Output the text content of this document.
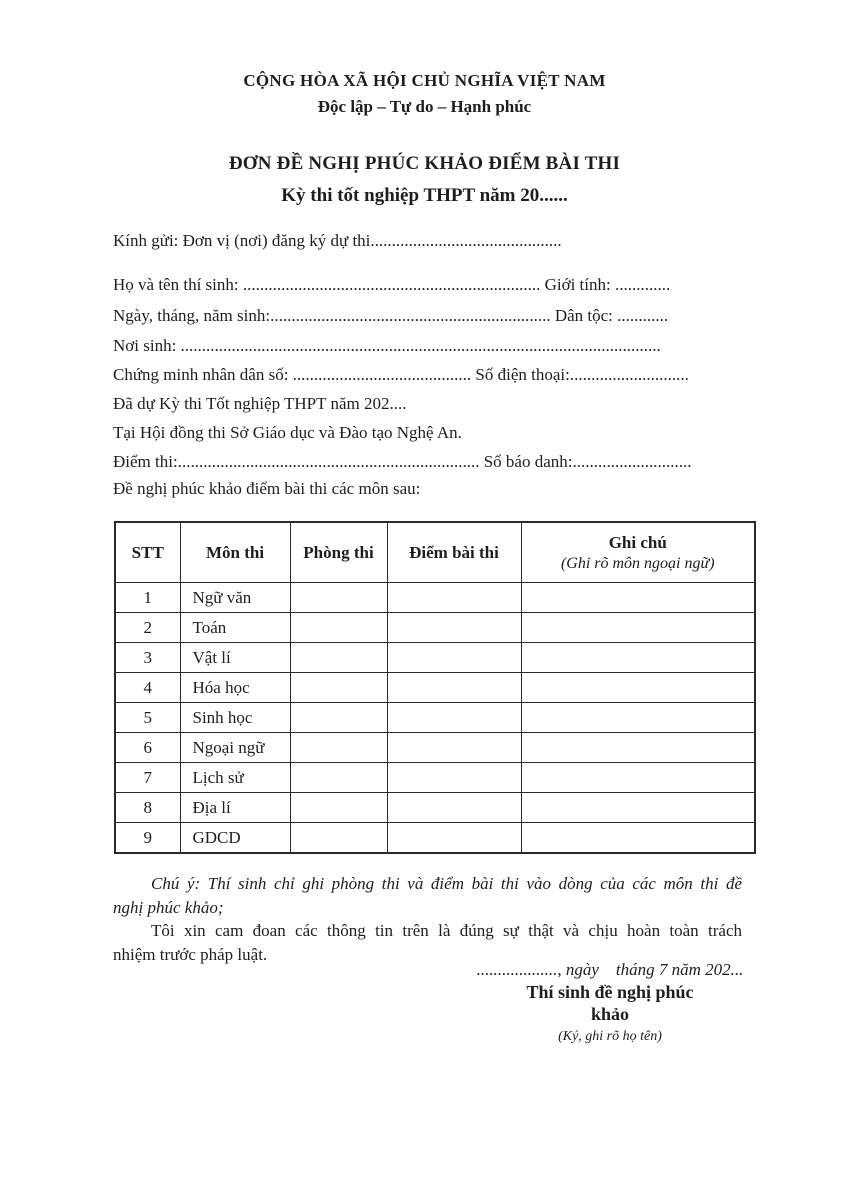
CỘNG HÒA XÃ HỘI CHỦ NGHĨA VIỆT NAM
Độc lập – Tự do – Hạnh phúc
ĐƠN ĐỀ NGHỊ PHÚC KHẢO ĐIỂM BÀI THI
Kỳ thi tốt nghiệp THPT năm 20......
Kính gửi: Đơn vị (nơi) đăng ký dự thi.............................................
Họ và tên thí sinh: ...................................................................... Giới tính: .............
Ngày, tháng, năm sinh:.................................................................. Dân tộc: ............
Nơi sinh: .................................................................................................................
Chứng minh nhân dân số: .......................................... Số điện thoại:............................
Đã dự Kỳ thi Tốt nghiệp THPT năm 202....
Tại Hội đồng thi Sở Giáo dục và Đào tạo Nghệ An.
Điểm thi:....................................................................... Số báo danh:............................
Đề nghị phúc khảo điểm bài thi các môn sau:
STT	Môn thi	Phòng thi	Điểm bài thi	Ghi chú
(Ghi rõ môn ngoại ngữ)

1	Ngữ văn			
2	Toán			
3	Vật lí			
4	Hóa học			
5	Sinh học			
6	Ngoại ngữ			
7	Lịch sử			
8	Địa lí			
9	GDCD			
Chú ý: Thí sinh chỉ ghi phòng thi và điểm bài thi vào dòng của các môn thi đề
nghị phúc khảo;
Tôi xin cam đoan các thông tin trên là đúng sự thật và chịu hoàn toàn trách
nhiệm trước pháp luật.
..................., ngày    tháng 7 năm 202...
Thí sinh đề nghị phúc
khảo
(Ký, ghi rõ họ tên)
